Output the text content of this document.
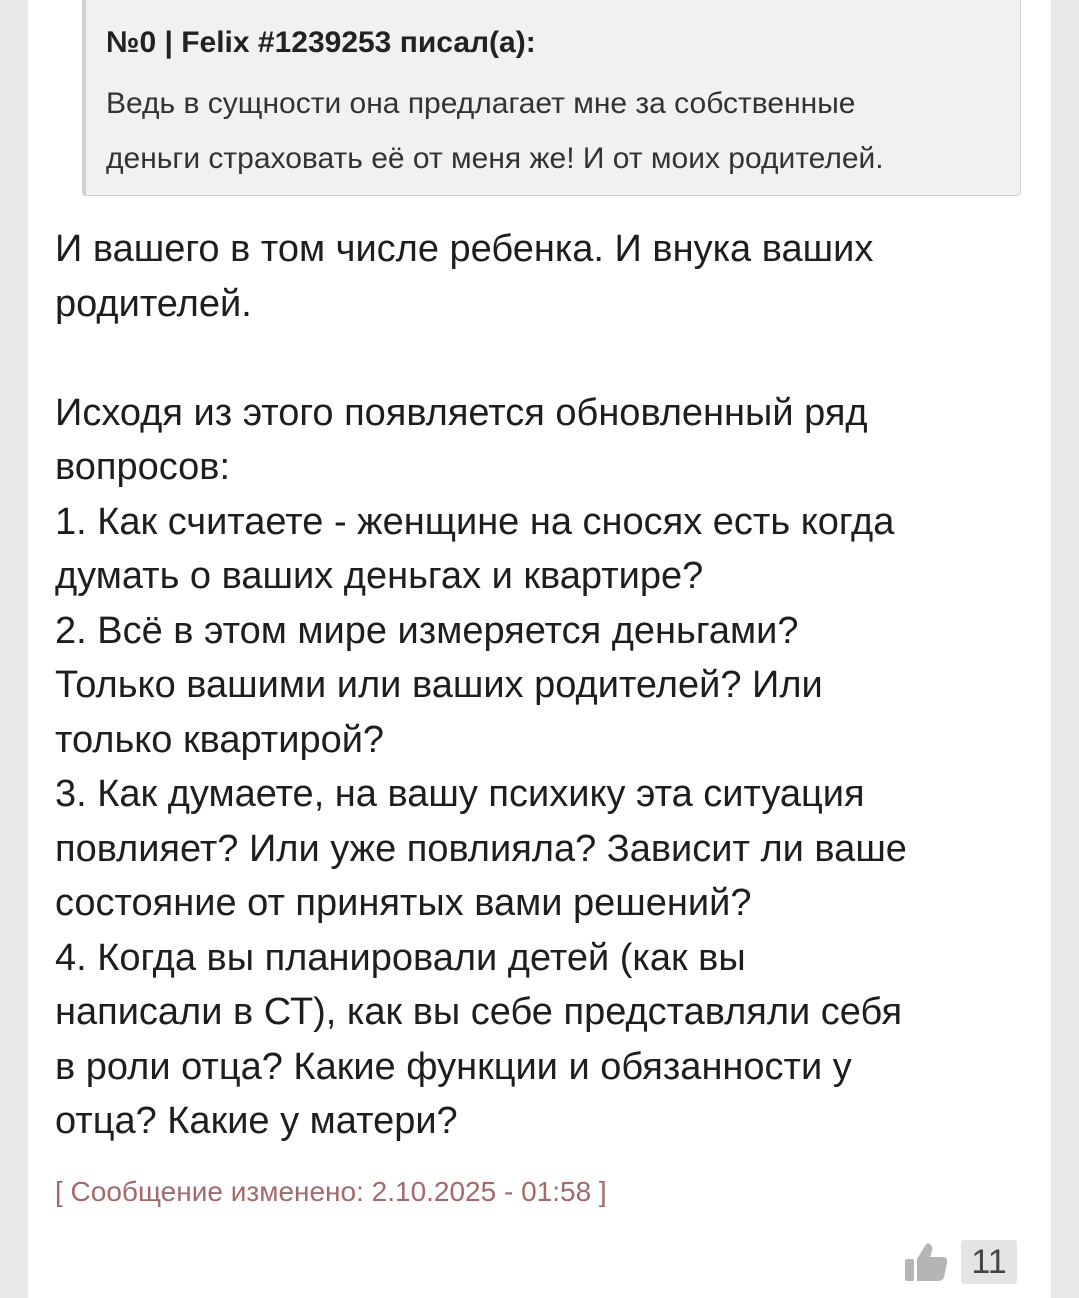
№0 | Felix #1239253 писал(а):
Ведь в сущности она предлагает мне за собственные
деньги страховать её от меня же! И от моих родителей.
И вашего в том числе ребенка. И внука ваших
родителей.
Исходя из этого появляется обновленный ряд
вопросов:
1. Как считаете - женщине на сносях есть когда
думать о ваших деньгах и квартире?
2. Всё в этом мире измеряется деньгами?
Только вашими или ваших родителей? Или
только квартирой?
3. Как думаете, на вашу психику эта ситуация
повлияет? Или уже повлияла? Зависит ли ваше
состояние от принятых вами решений?
4. Когда вы планировали детей (как вы
написали в СТ), как вы себе представляли себя
в роли отца? Какие функции и обязанности у
отца? Какие у матери?
[ Сообщение изменено: 2.10.2025 - 01:58 ]
11
